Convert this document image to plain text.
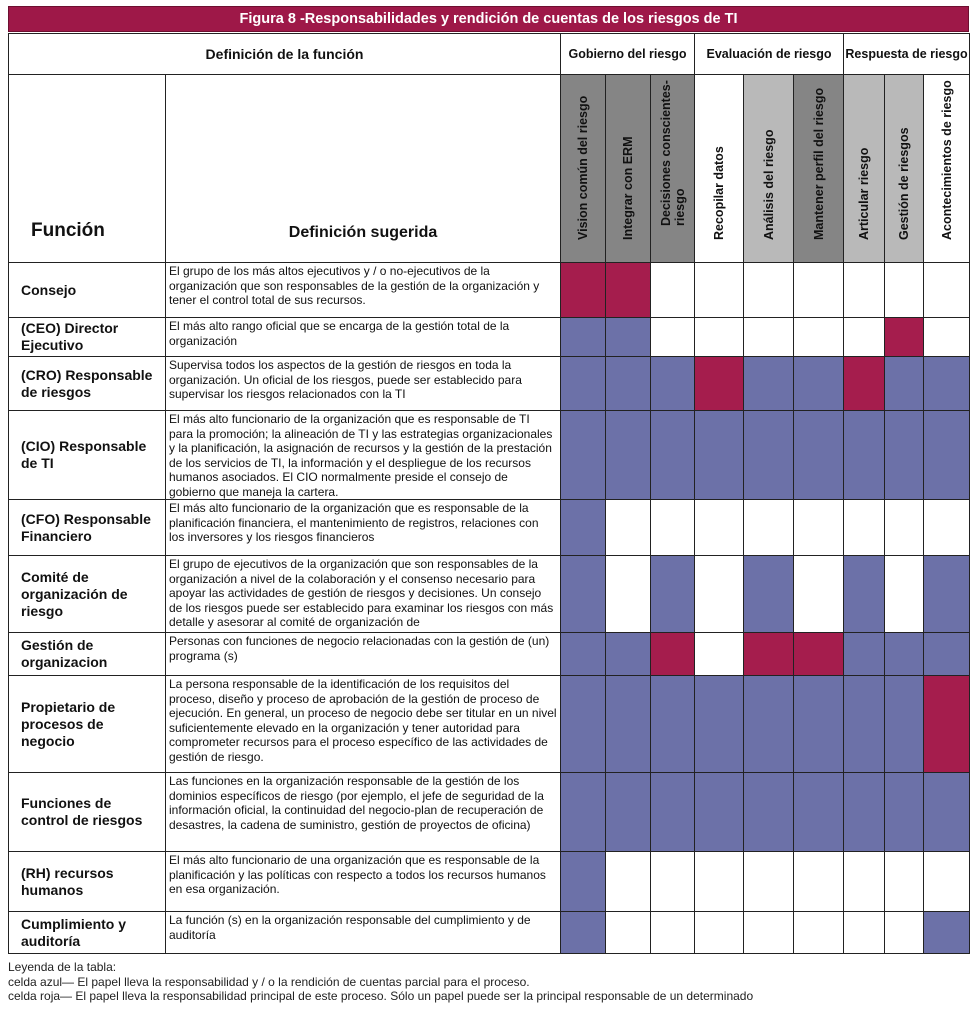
Figura 8 -Responsabilidades y rendición de cuentas de los riesgos de TI
Definición de la función		Gobierno del riesgo			Evaluación de riesgo			Respuesta de riesgo		
Función	Definición sugerida	Vision común del riesgo	Integrar con ERM	Decisiones conscientes-riesgo	Recopilar datos	Análisis del riesgo	Mantener perfil del riesgo	Articular riesgo	Gestión de riesgos	Acontecimientos de riesgo

Consejo	El grupo de los más altos ejecutivos y / o no-ejecutivos de la organización que son responsables de la gestión de la organización y tener el control total de sus recursos.									
(CEO) Director Ejecutivo	El más alto rango oficial que se encarga de la gestión total de la organización									
(CRO) Responsable de riesgos	Supervisa todos los aspectos de la gestión de riesgos en toda la organización. Un oficial de los riesgos, puede ser establecido para supervisar los riesgos relacionados con la TI									
(CIO) Responsable de TI	El más alto funcionario de la organización que es responsable de TI para la promoción; la alineación de TI y las estrategias organizacionales y la planificación, la asignación de recursos y la gestión de la prestación de los servicios de TI, la información y el despliegue de los recursos humanos asociados. El CIO normalmente preside el consejo de gobierno que maneja la cartera.									
(CFO) Responsable Financiero	El más alto funcionario de la organización que es responsable de la planificación financiera, el mantenimiento de registros, relaciones con los inversores y los riesgos financieros									
Comité de organización de riesgo	El grupo de ejecutivos de la organización que son responsables de la organización a nivel de la colaboración y el consenso necesario para apoyar las actividades de gestión de riesgos y decisiones. Un consejo de los riesgos puede ser establecido para examinar los riesgos con más detalle y asesorar al comité de organización de									
Gestión de organizacion	Personas con funciones de negocio relacionadas con la gestión de (un) programa (s)									
Propietario de procesos de negocio	La persona responsable de la identificación de los requisitos del proceso, diseño y proceso de aprobación de la gestión de proceso de ejecución. En general, un proceso de negocio debe ser titular en un nivel suficientemente elevado en la organización y tener autoridad para comprometer recursos para el proceso específico de las actividades de gestión de riesgo.									
Funciones de control de riesgos	Las funciones en la organización responsable de la gestión de los dominios específicos de riesgo (por ejemplo, el jefe de seguridad de la información oficial, la continuidad del negocio-plan de recuperación de desastres, la cadena de suministro, gestión de proyectos de oficina)									
(RH) recursos humanos	El más alto funcionario de una organización que es responsable de la planificación y las políticas con respecto a todos los recursos humanos en esa organización.									
Cumplimiento y auditoría	La función (s) en la organización responsable del cumplimiento y de auditoría									
Leyenda de la tabla:
celda azul— El papel lleva la responsabilidad y / o la rendición de cuentas parcial para el proceso.
celda roja— El papel lleva la responsabilidad principal de este proceso. Sólo un papel puede ser la principal responsable de un determinado
